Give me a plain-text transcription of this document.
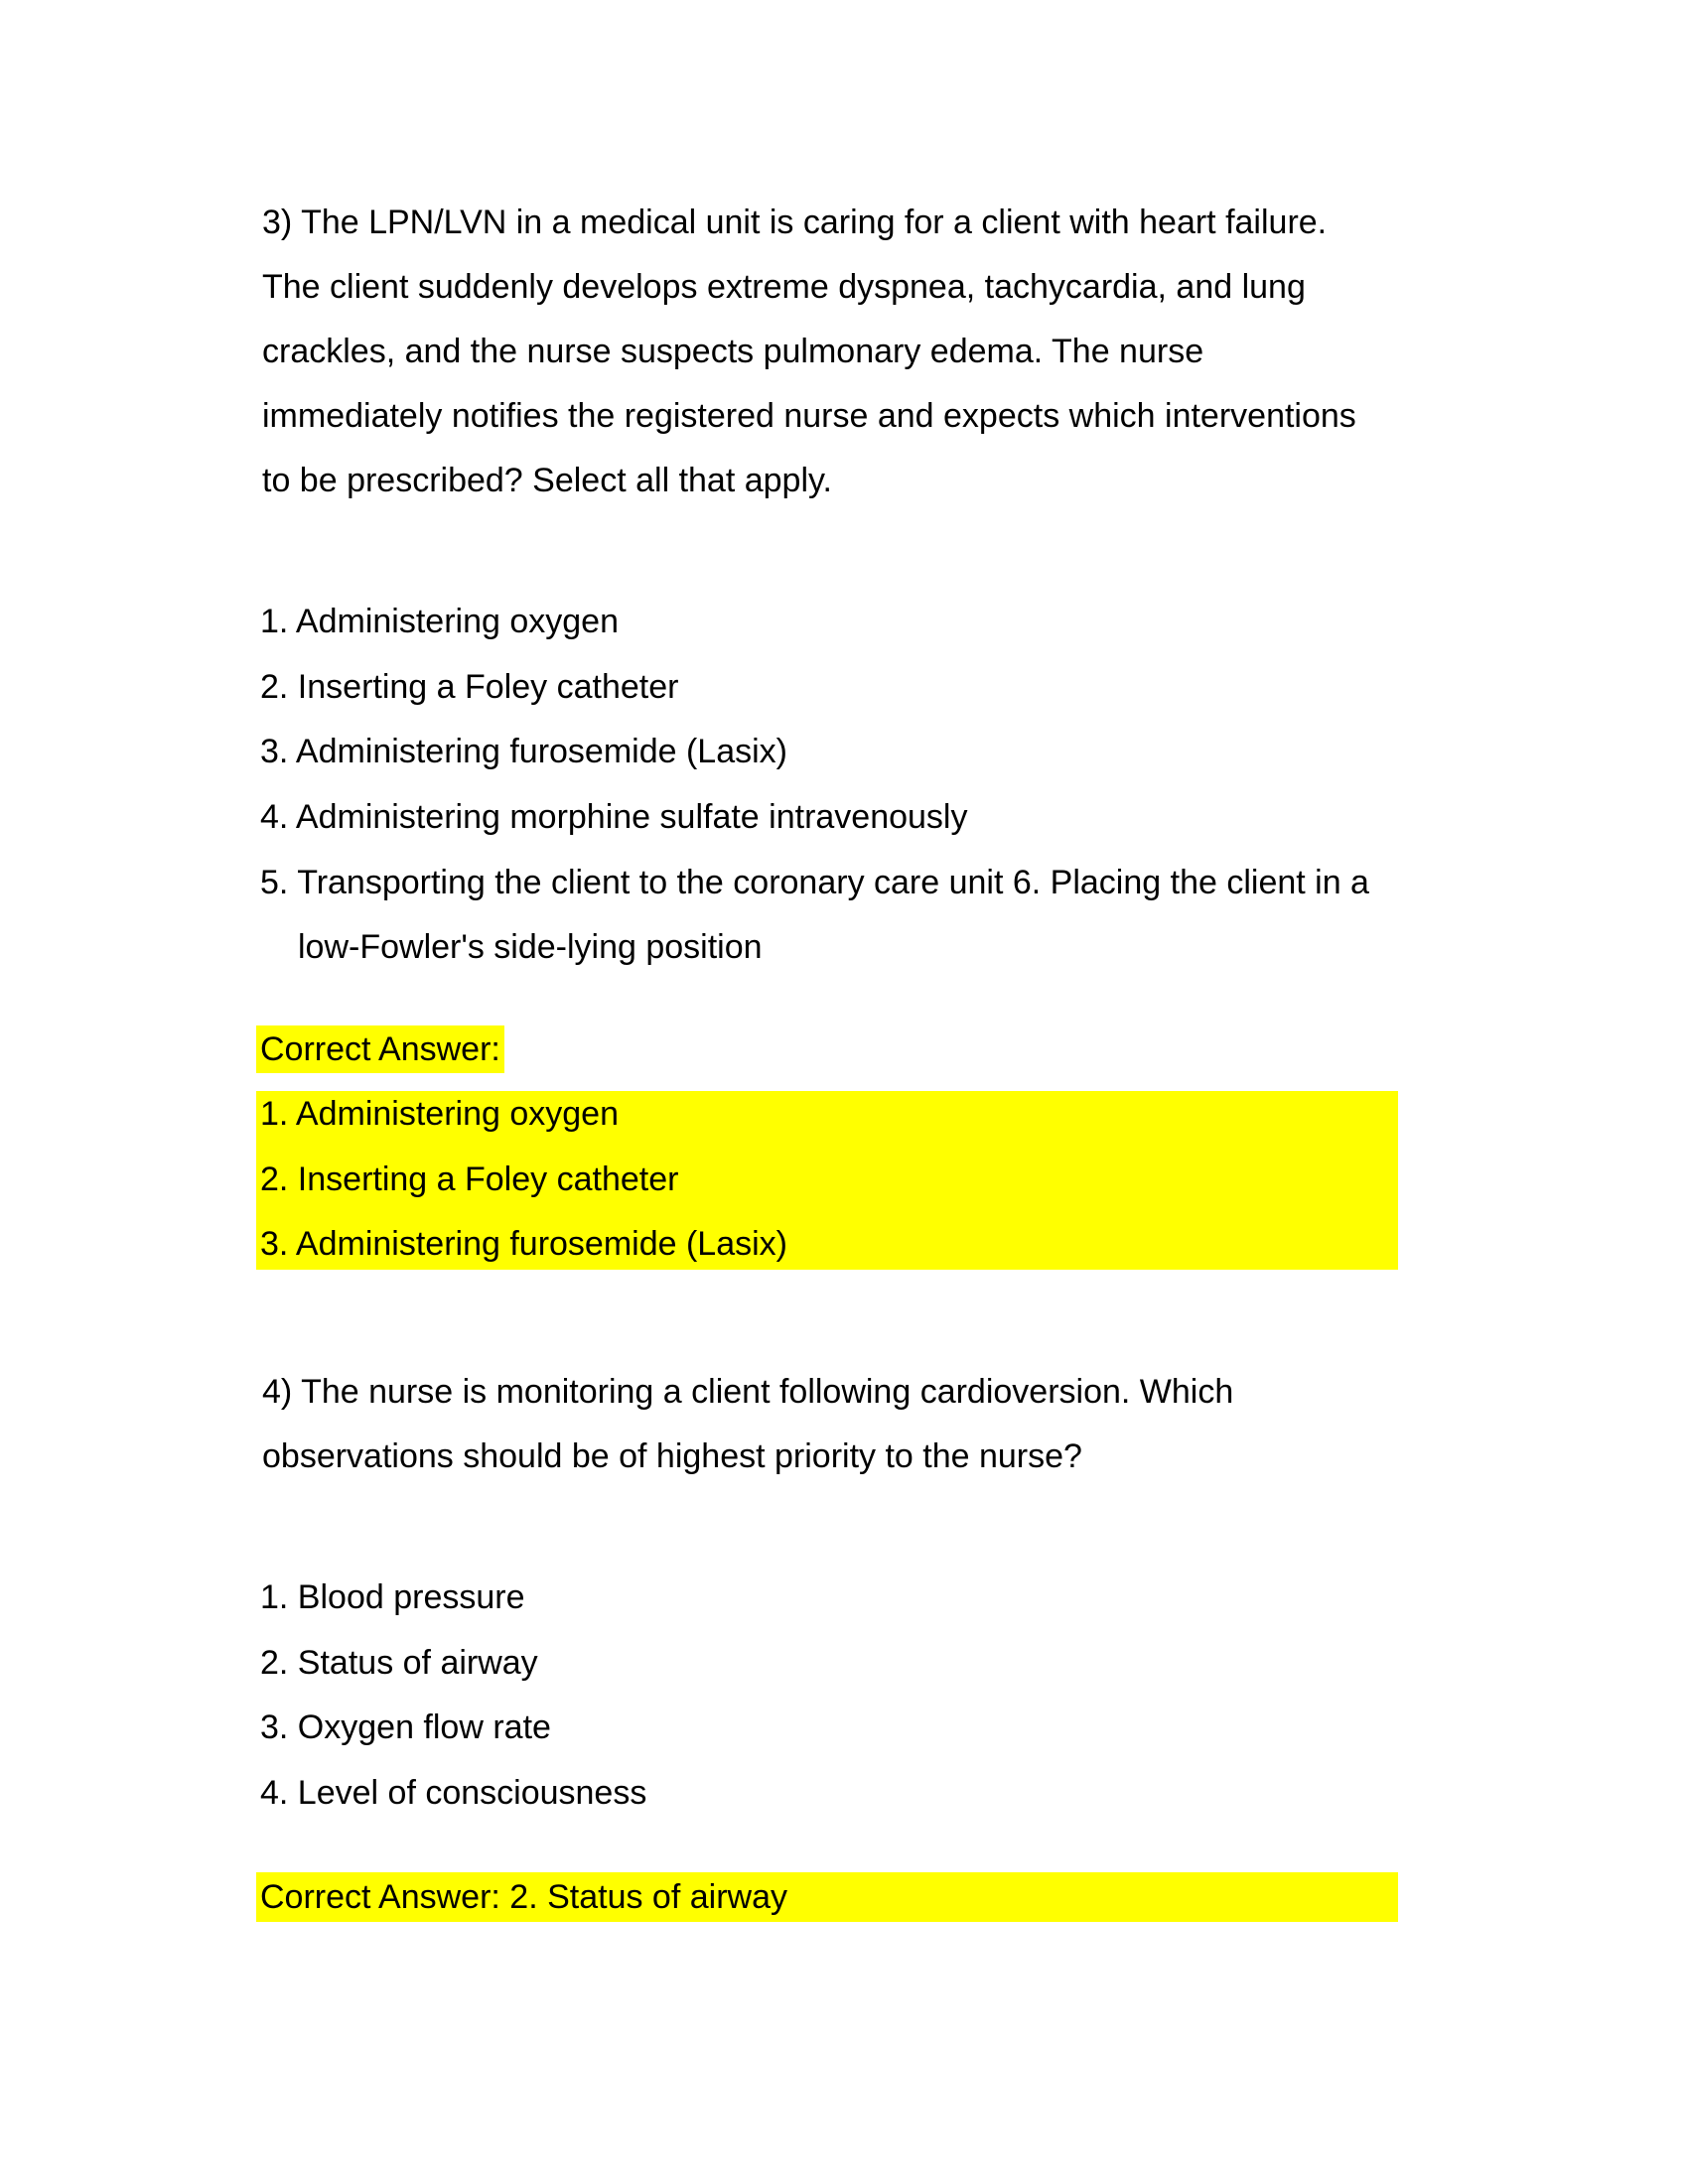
3) The LPN/LVN in a medical unit is caring for a client with heart failure. The client suddenly develops extreme dyspnea, tachycardia, and lung crackles, and the nurse suspects pulmonary edema. The nurse immediately notifies the registered nurse and expects which interventions to be prescribed? Select all that apply.

1. Administering oxygen
2. Inserting a Foley catheter
3. Administering furosemide (Lasix)
4. Administering morphine sulfate intravenously
5. Transporting the client to the coronary care unit 6. Placing the client in a low-Fowler's side-lying position
Correct Answer:
1. Administering oxygen
2. Inserting a Foley catheter
3. Administering furosemide (Lasix)

4) The nurse is monitoring a client following cardioversion. Which observations should be of highest priority to the nurse?

1. Blood pressure
2. Status of airway
3. Oxygen flow rate
4. Level of consciousness
Correct Answer: 2. Status of airway
